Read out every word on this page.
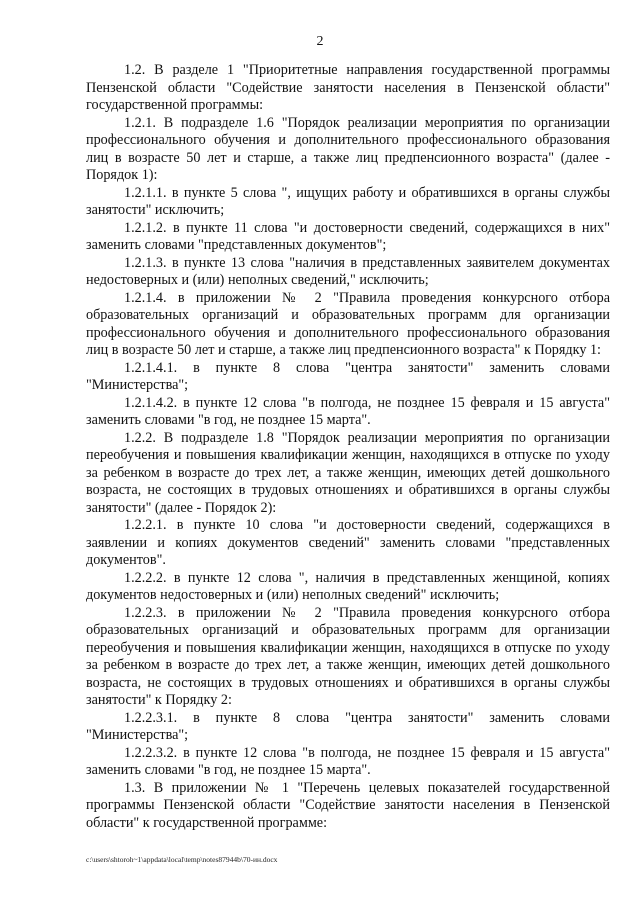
2

1.2. В разделе 1 "Приоритетные направления государственной программы Пензенской области "Содействие занятости населения в Пензенской области" государственной программы:

1.2.1. В подразделе 1.6 "Порядок реализации мероприятия по организации профессионального обучения и дополнительного профессионального образования лиц в возрасте 50 лет и старше, а также лиц предпенсионного возраста" (далее - Порядок 1):

1.2.1.1. в пункте 5 слова ", ищущих работу и обратившихся в органы службы занятости" исключить;

1.2.1.2. в пункте 11 слова "и достоверности сведений, содержащихся в них" заменить словами "представленных документов";

1.2.1.3. в пункте 13 слова "наличия в представленных заявителем документах недостоверных и (или) неполных сведений," исключить;

1.2.1.4. в приложении № 2 "Правила проведения конкурсного отбора образовательных организаций и образовательных программ для организации профессионального обучения и дополнительного профессионального образования лиц в возрасте 50 лет и старше, а также лиц предпенсионного возраста" к Порядку 1:

1.2.1.4.1. в пункте 8 слова "центра занятости" заменить словами "Министерства";

1.2.1.4.2. в пункте 12 слова "в полгода, не позднее 15 февраля и 15 августа" заменить словами "в год, не позднее 15 марта".

1.2.2. В подразделе 1.8 "Порядок реализации мероприятия по организации переобучения и повышения квалификации женщин, находящихся в отпуске по уходу за ребенком в возрасте до трех лет, а также женщин, имеющих детей дошкольного возраста, не состоящих в трудовых отношениях и обратившихся в органы службы занятости" (далее - Порядок 2):

1.2.2.1. в пункте 10 слова "и достоверности сведений, содержащихся в заявлении и копиях документов сведений" заменить словами "представленных документов".

1.2.2.2. в пункте 12 слова ", наличия в представленных женщиной, копиях документов недостоверных и (или) неполных сведений" исключить;

1.2.2.3. в приложении № 2 "Правила проведения конкурсного отбора образовательных организаций и образовательных программ для организации переобучения и повышения квалификации женщин, находящихся в отпуске по уходу за ребенком в возрасте до трех лет, а также женщин, имеющих детей дошкольного возраста, не состоящих в трудовых отношениях и обратившихся в органы службы занятости" к Порядку 2:

1.2.2.3.1. в пункте 8 слова "центра занятости" заменить словами "Министерства";

1.2.2.3.2. в пункте 12 слова "в полгода, не позднее 15 февраля и 15 августа" заменить словами "в год, не позднее 15 марта".

1.3. В приложении № 1 "Перечень целевых показателей государственной программы Пензенской области "Содействие занятости населения в Пензенской области" к государственной программе:

c:\users\shtoroh~1\appdata\local\temp\notes87944b\70-ин.docx
